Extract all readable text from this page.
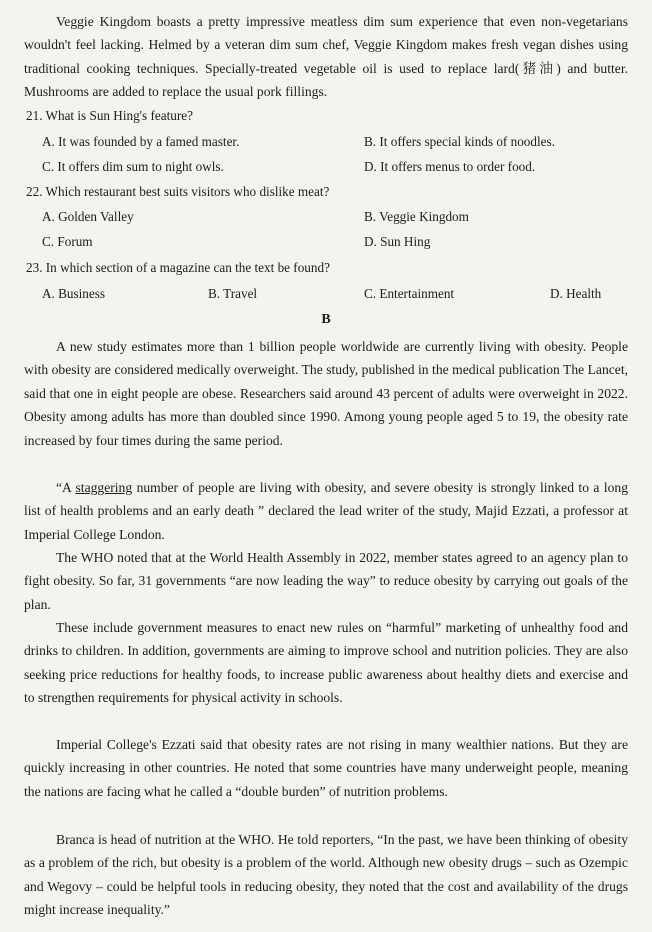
Veggie Kingdom boasts a pretty impressive meatless dim sum experience that even non-vegetarians wouldn't feel lacking. Helmed by a veteran dim sum chef, Veggie Kingdom makes fresh vegan dishes using traditional cooking techniques. Specially-treated vegetable oil is used to replace lard(猪油) and butter. Mushrooms are added to replace the usual pork fillings.

21. What is Sun Hing's feature?

A. It was founded by a famed master.	B. It offers special kinds of noodles.

C. It offers dim sum to night owls.	D. It offers menus to order food.

22. Which restaurant best suits visitors who dislike meat?

A. Golden Valley	B. Veggie Kingdom

C. Forum	D. Sun Hing

23. In which section of a magazine can the text be found?

A. Business	B. Travel	C. Entertainment	D. Health

B

A new study estimates more than 1 billion people worldwide are currently living with obesity. People with obesity are considered medically overweight. The study, published in the medical publication The Lancet, said that one in eight people are obese. Researchers said around 43 percent of adults were overweight in 2022. Obesity among adults has more than doubled since 1990. Among young people aged 5 to 19, the obesity rate increased by four times during the same period.

“A staggering number of people are living with obesity, and severe obesity is strongly linked to a long list of health problems and an early death ” declared the lead writer of the study, Majid Ezzati, a professor at Imperial College London.

The WHO noted that at the World Health Assembly in 2022, member states agreed to an agency plan to fight obesity. So far, 31 governments “are now leading the way” to reduce obesity by carrying out goals of the plan.

These include government measures to enact new rules on “harmful” marketing of unhealthy food and drinks to children. In addition, governments are aiming to improve school and nutrition policies. They are also seeking price reductions for healthy foods, to increase public awareness about healthy diets and exercise and to strengthen requirements for physical activity in schools.

Imperial College's Ezzati said that obesity rates are not rising in many wealthier nations. But they are quickly increasing in other countries. He noted that some countries have many underweight people, meaning the nations are facing what he called a “double burden” of nutrition problems.

Branca is head of nutrition at the WHO. He told reporters, “In the past, we have been thinking of obesity as a problem of the rich, but obesity is a problem of the world. Although new obesity drugs – such as Ozempic and Wegovy – could be helpful tools in reducing obesity, they noted that the cost and availability of the drugs might increase inequality.”
